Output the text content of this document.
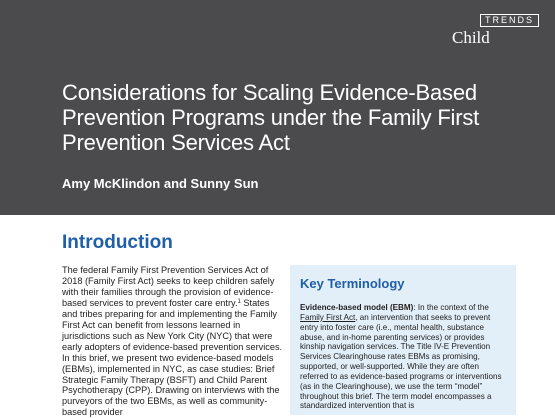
TRENDS
Child
Considerations for Scaling Evidence-Based Prevention Programs under the Family First Prevention Services Act
Amy McKlindon and Sunny Sun
Introduction

The federal Family First Prevention Services Act of 2018 (Family First Act) seeks to keep children safely with their families through the provision of evidence-based services to prevent foster care entry.$^1$ States and tribes preparing for and implementing the Family First Act can benefit from lessons learned in jurisdictions such as New York City (NYC) that were early adopters of evidence-based prevention services. In this brief, we present two evidence-based models (EBMs), implemented in NYC, as case studies: Brief Strategic Family Therapy (BSFT) and Child Parent Psychotherapy (CPP). Drawing on interviews with the purveyors of the two EBMs, as well as community-based provider

Key Terminology

Evidence-based model (EBM): In the context of the Family First Act, an intervention that seeks to prevent entry into foster care (i.e., mental health, substance abuse, and in-home parenting services) or provides kinship navigation services. The Title IV-E Prevention Services Clearinghouse rates EBMs as promising, supported, or well-supported. While they are often referred to as evidence-based programs or interventions (as in the Clearinghouse), we use the term “model” throughout this brief. The term model encompasses a standardized intervention that is
